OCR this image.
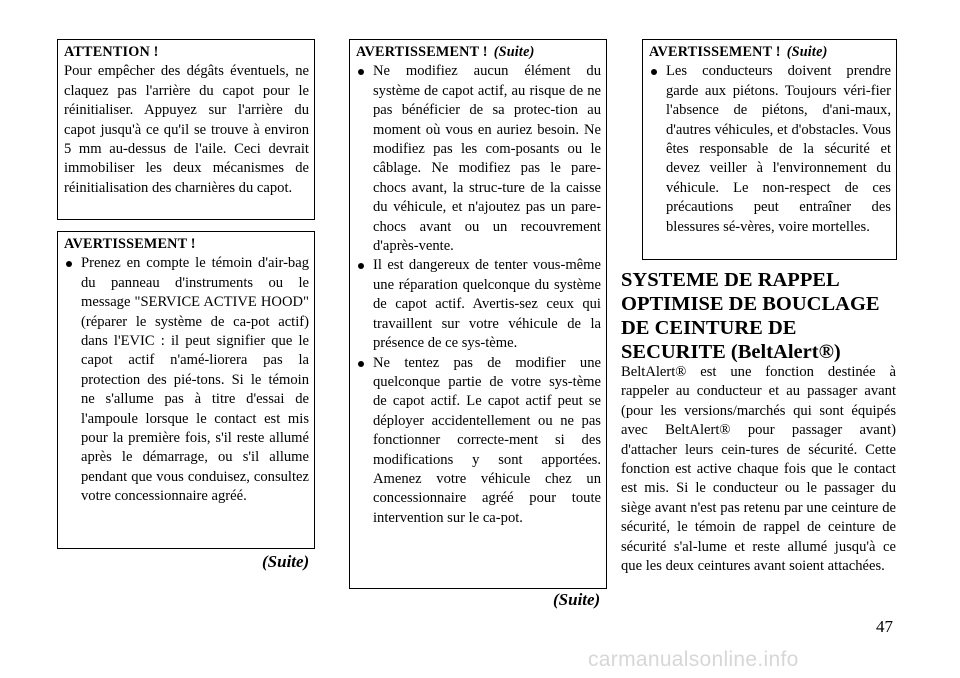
ATTENTION !

Pour empêcher des dégâts éventuels, ne claquez pas l'arrière du capot pour le réinitialiser. Appuyez sur l'arrière du capot jusqu'à ce qu'il se trouve à environ 5 mm au-dessus de l'aile. Ceci devrait immobiliser les deux mécanismes de réinitialisation des charnières du capot.

AVERTISSEMENT !
Prenez en compte le témoin d'air-bag du panneau d'instruments ou le message "SERVICE ACTIVE HOOD" (réparer le système de ca-pot actif) dans l'EVIC : il peut signifier que le capot actif n'amé-liorera pas la protection des pié-tons. Si le témoin ne s'allume pas à titre d'essai de l'ampoule lorsque le contact est mis pour la première fois, s'il reste allumé après le démarrage, ou s'il allume pendant que vous conduisez, consultez votre concessionnaire agréé.
(Suite)
AVERTISSEMENT ! (Suite)
Ne modifiez aucun élément du système de capot actif, au risque de ne pas bénéficier de sa protec-tion au moment où vous en auriez besoin. Ne modifiez pas les com-posants ou le câblage. Ne modifiez pas le pare-chocs avant, la struc-ture de la caisse du véhicule, et n'ajoutez pas un pare-chocs avant ou un recouvrement d'après-vente.
Il est dangereux de tenter vous-même une réparation quelconque du système de capot actif. Avertis-sez ceux qui travaillent sur votre véhicule de la présence de ce sys-tème.
Ne tentez pas de modifier une quelconque partie de votre sys-tème de capot actif. Le capot actif peut se déployer accidentellement ou ne pas fonctionner correcte-ment si des modifications y sont apportées. Amenez votre véhicule chez un concessionnaire agréé pour toute intervention sur le ca-pot.
(Suite)
AVERTISSEMENT ! (Suite)
Les conducteurs doivent prendre garde aux piétons. Toujours véri-fier l'absence de piétons, d'ani-maux, d'autres véhicules, et d'obstacles. Vous êtes responsable de la sécurité et devez veiller à l'environnement du véhicule. Le non-respect de ces précautions peut entraîner des blessures sé-vères, voire mortelles.
SYSTEME DE RAPPEL OPTIMISE DE BOUCLAGE DE CEINTURE DE SECURITE (BeltAlert®)

BeltAlert® est une fonction destinée à rappeler au conducteur et au passager avant (pour les versions/marchés qui sont équipés avec BeltAlert® pour passager avant) d'attacher leurs cein-tures de sécurité. Cette fonction est active chaque fois que le contact est mis. Si le conducteur ou le passager du siège avant n'est pas retenu par une ceinture de sécurité, le témoin de rappel de ceinture de sécurité s'al-lume et reste allumé jusqu'à ce que les deux ceintures avant soient attachées.

47
carmanualsonline.info
